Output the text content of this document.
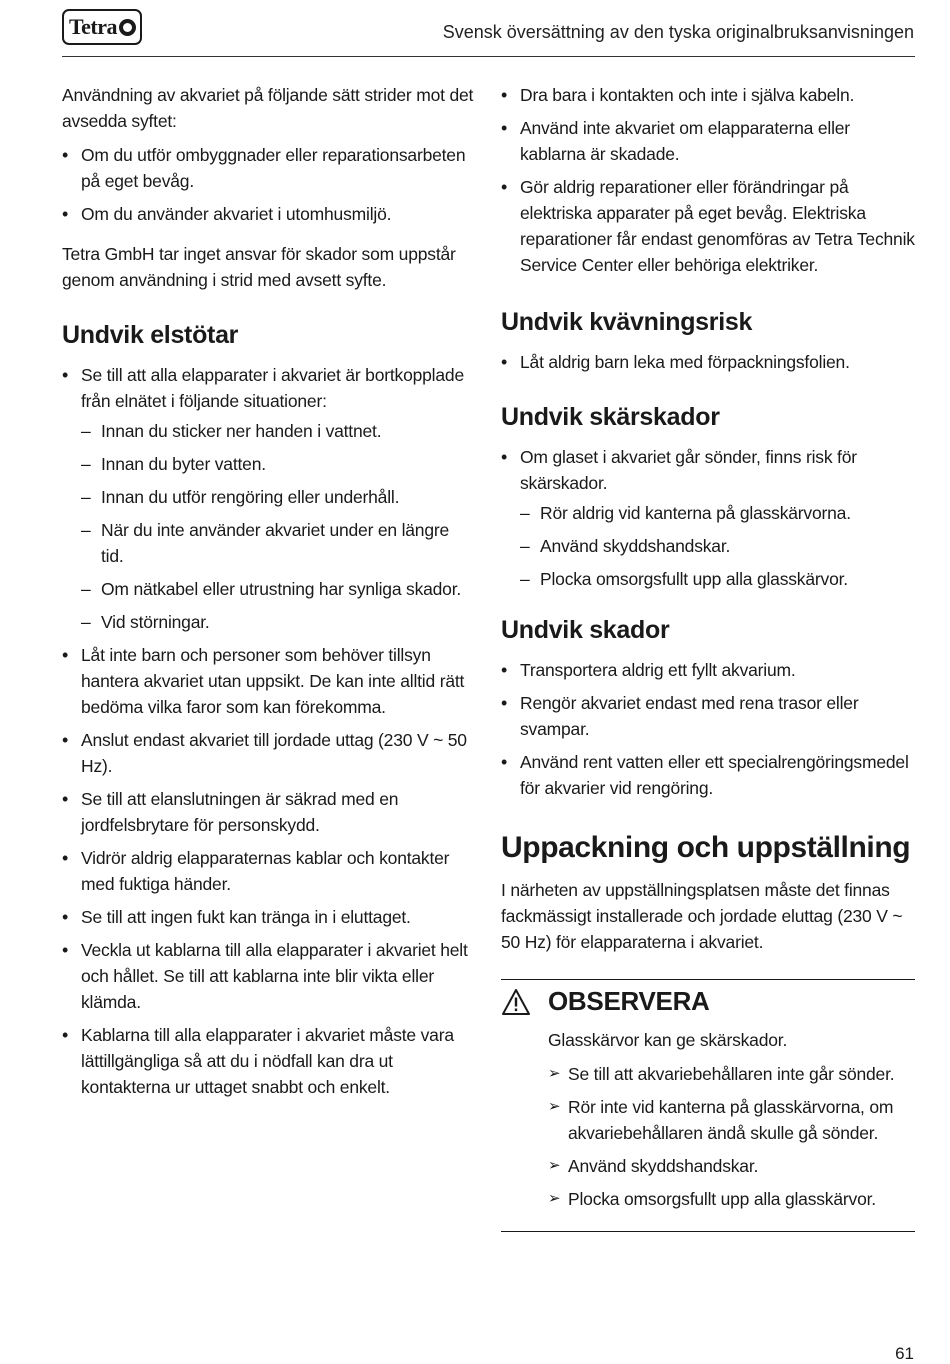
Tetra	Svensk översättning av den tyska originalbruksanvisningen

Användning av akvariet på följande sätt strider mot det avsedda syftet:

• Om du utför ombyggnader eller reparationsarbeten på eget bevåg.
• Om du använder akvariet i utomhusmiljö.

Tetra GmbH tar inget ansvar för skador som uppstår genom användning i strid med avsett syfte.

Undvik elstötar
• Se till att alla elapparater i akvariet är bortkopplade från elnätet i följande situationer:
– Innan du sticker ner handen i vattnet.
– Innan du byter vatten.
– Innan du utför rengöring eller underhåll.
– När du inte använder akvariet under en längre tid.
– Om nätkabel eller utrustning har synliga skador.
– Vid störningar.
• Låt inte barn och personer som behöver tillsyn hantera akvariet utan uppsikt. De kan inte alltid rätt bedöma vilka faror som kan förekomma.
• Anslut endast akvariet till jordade uttag (230 V ~ 50 Hz).
• Se till att elanslutningen är säkrad med en jordfelsbrytare för personskydd.
• Vidrör aldrig elapparaternas kablar och kontakter med fuktiga händer.
• Se till att ingen fukt kan tränga in i eluttaget.
• Veckla ut kablarna till alla elapparater i akvariet helt och hållet. Se till att kablarna inte blir vikta eller klämda.
• Kablarna till alla elapparater i akvariet måste vara lättillgängliga så att du i nödfall kan dra ut kontakterna ur uttaget snabbt och enkelt.
• Dra bara i kontakten och inte i själva kabeln.
• Använd inte akvariet om elapparaterna eller kablarna är skadade.
• Gör aldrig reparationer eller förändringar på elektriska apparater på eget bevåg. Elektriska reparationer får endast genomföras av Tetra Technik Service Center eller behöriga elektriker.
Undvik kvävningsrisk
• Låt aldrig barn leka med förpackningsfolien.
Undvik skärskador
• Om glaset i akvariet går sönder, finns risk för skärskador.
– Rör aldrig vid kanterna på glasskärvorna.
– Använd skyddshandskar.
– Plocka omsorgsfullt upp alla glasskärvor.
Undvik skador
• Transportera aldrig ett fyllt akvarium.
• Rengör akvariet endast med rena trasor eller svampar.
• Använd rent vatten eller ett specialrengöringsmedel för akvarier vid rengöring.
Uppackning och uppställning

I närheten av uppställningsplatsen måste det finnas fackmässigt installerade och jordade eluttag (230 V ~ 50 Hz) för elapparaterna i akvariet.

OBSERVERA

Glasskärvor kan ge skärskador.

➢ Se till att akvariebehållaren inte går sönder.
➢ Rör inte vid kanterna på glasskärvorna, om akvariebehållaren ändå skulle gå sönder.
➢ Använd skyddshandskar.
➢ Plocka omsorgsfullt upp alla glasskärvor.
61
